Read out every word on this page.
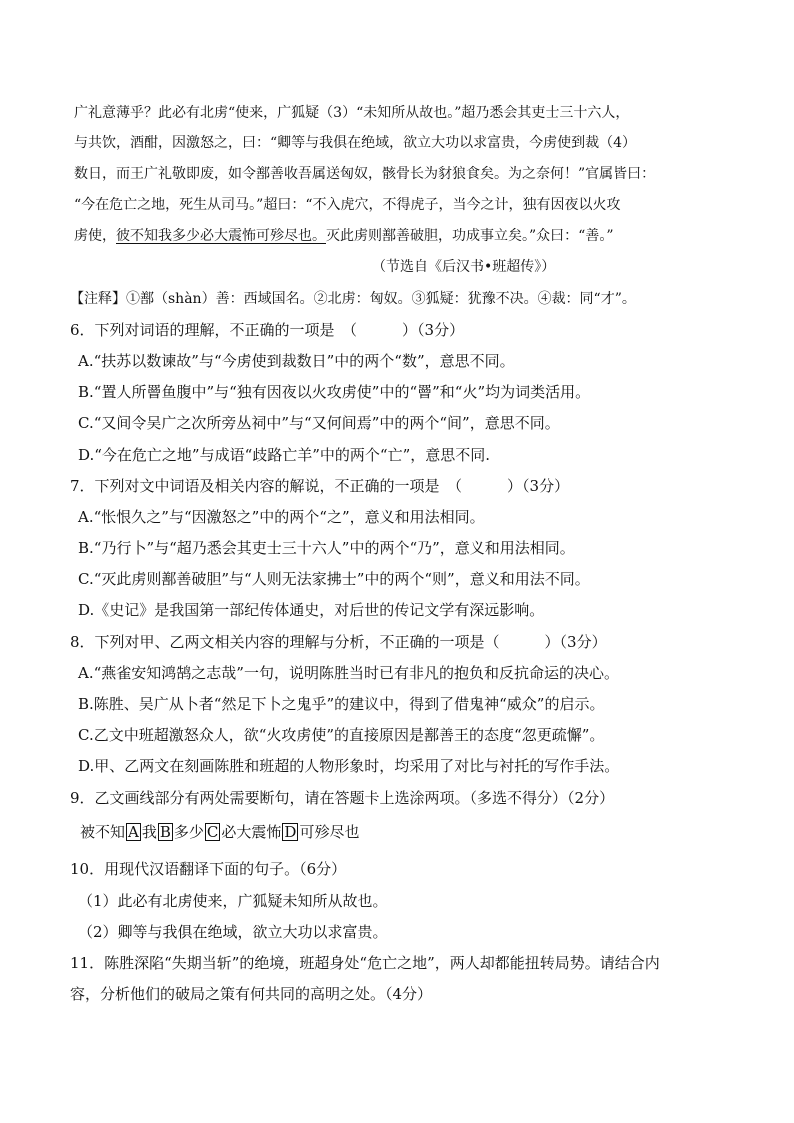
广礼意薄乎？此必有北虏“使来，广狐疑（3）“未知所从故也。”超乃悉会其吏士三十六人，
与共饮，酒酣，因激怒之，曰：“卿等与我俱在绝域，欲立大功以求富贵，今虏使到裁（4）
数日，而王广礼敬即废，如令鄯善收吾属送匈奴，骸骨长为豺狼食矣。为之奈何！”官属皆曰：
“今在危亡之地，死生从司马。”超曰：“不入虎穴，不得虎子，当今之计，独有因夜以火攻
虏使，彼不知我多少必大震怖可殄尽也。灭此虏则鄯善破胆，功成事立矣。”众曰：“善。”
（节选自《后汉书•班超传》）
【注释】①鄯（shàn）善：西域国名。②北虏：匈奴。③狐疑：犹豫不决。④裁：同“才”。
6．下列对词语的理解，不正确的一项是　（　　　）（3分）
A.“扶苏以数谏故”与“今虏使到裁数日”中的两个“数”，意思不同。
B.“置人所罾鱼腹中”与“独有因夜以火攻虏使”中的“罾”和“火”均为词类活用。
C.“又间令吴广之次所旁丛祠中”与“又何间焉”中的两个“间”，意思不同。
D.“今在危亡之地”与成语“歧路亡羊”中的两个“亡”，意思不同.
7．下列对文中词语及相关内容的解说，不正确的一项是　（　　　）（3分）
A.“怅恨久之”与“因激怒之”中的两个“之”，意义和用法相同。
B.“乃行卜”与“超乃悉会其吏士三十六人”中的两个“乃”，意义和用法相同。
C.“灭此虏则鄯善破胆”与“人则无法家拂士”中的两个“则”，意义和用法不同。
D.《史记》是我国第一部纪传体通史，对后世的传记文学有深远影响。
8．下列对甲、乙两文相关内容的理解与分析，不正确的一项是（　　　）（3分）
A.“燕雀安知鸿鹄之志哉”一句，说明陈胜当时已有非凡的抱负和反抗命运的决心。
B.陈胜、吴广从卜者“然足下卜之鬼乎”的建议中，得到了借鬼神“威众”的启示。
C.乙文中班超激怒众人，欲“火攻虏使”的直接原因是鄯善王的态度“忽更疏懈”。
D.甲、乙两文在刻画陈胜和班超的人物形象时，均采用了对比与衬托的写作手法。
9．乙文画线部分有两处需要断句，请在答题卡上选涂两项。（多选不得分）（2分）
被不知 A 我 B 多少 C 必大震怖 D 可殄尽也
10．用现代汉语翻译下面的句子。（6分）
（1）此必有北虏使来，广狐疑未知所从故也。
（2）卿等与我俱在绝域，欲立大功以求富贵。
11．陈胜深陷“失期当斩”的绝境，班超身处“危亡之地”，两人却都能扭转局势。请结合内
容，分析他们的破局之策有何共同的高明之处。（4分）
